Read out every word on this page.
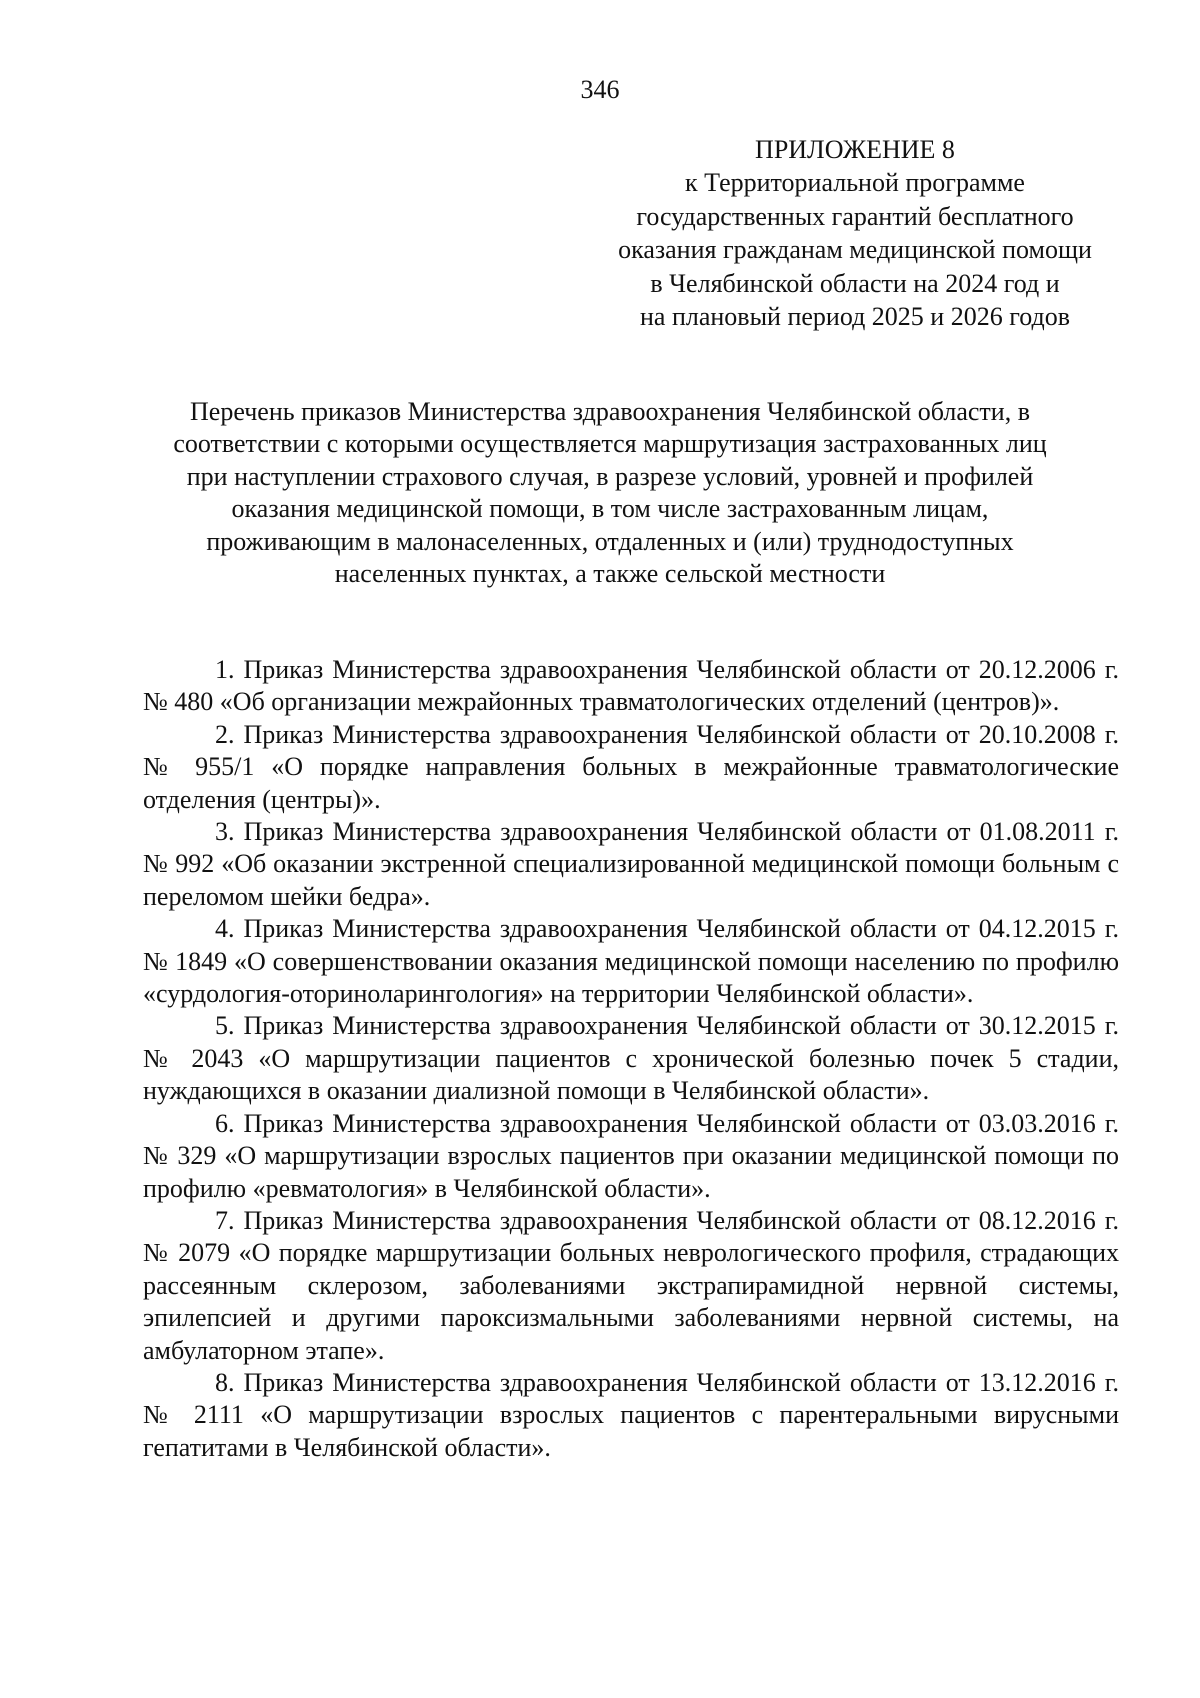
346
ПРИЛОЖЕНИЕ 8
к Территориальной программе
государственных гарантий бесплатного
оказания гражданам медицинской помощи
в Челябинской области на 2024 год и
на плановый период 2025 и 2026 годов
Перечень приказов Министерства здравоохранения Челябинской области, в
соответствии с которыми осуществляется маршрутизация застрахованных лиц
при наступлении страхового случая, в разрезе условий, уровней и профилей
оказания медицинской помощи, в том числе застрахованным лицам,
проживающим в малонаселенных, отдаленных и (или) труднодоступных
населенных пунктах, а также сельской местности

1. Приказ Министерства здравоохранения Челябинской области от 20.12.2006 г. № 480 «Об организации межрайонных травматологических отделений (центров)».

2. Приказ Министерства здравоохранения Челябинской области от 20.10.2008 г. № 955/1 «О порядке направления больных в межрайонные травматологические отделения (центры)».

3. Приказ Министерства здравоохранения Челябинской области от 01.08.2011 г. № 992 «Об оказании экстренной специализированной медицинской помощи больным с переломом шейки бедра».

4. Приказ Министерства здравоохранения Челябинской области от 04.12.2015 г. № 1849 «О совершенствовании оказания медицинской помощи населению по профилю «сурдология-оториноларингология» на территории Челябинской области».

5. Приказ Министерства здравоохранения Челябинской области от 30.12.2015 г. № 2043 «О маршрутизации пациентов с хронической болезнью почек 5 стадии, нуждающихся в оказании диализной помощи в Челябинской области».

6. Приказ Министерства здравоохранения Челябинской области от 03.03.2016 г. № 329 «О маршрутизации взрослых пациентов при оказании медицинской помощи по профилю «ревматология» в Челябинской области».

7. Приказ Министерства здравоохранения Челябинской области от 08.12.2016 г. № 2079 «О порядке маршрутизации больных неврологического профиля, страдающих рассеянным склерозом, заболеваниями экстрапирамидной нервной системы, эпилепсией и другими пароксизмальными заболеваниями нервной системы, на амбулаторном этапе».

8. Приказ Министерства здравоохранения Челябинской области от 13.12.2016 г. № 2111 «О маршрутизации взрослых пациентов с парентеральными вирусными гепатитами в Челябинской области».
